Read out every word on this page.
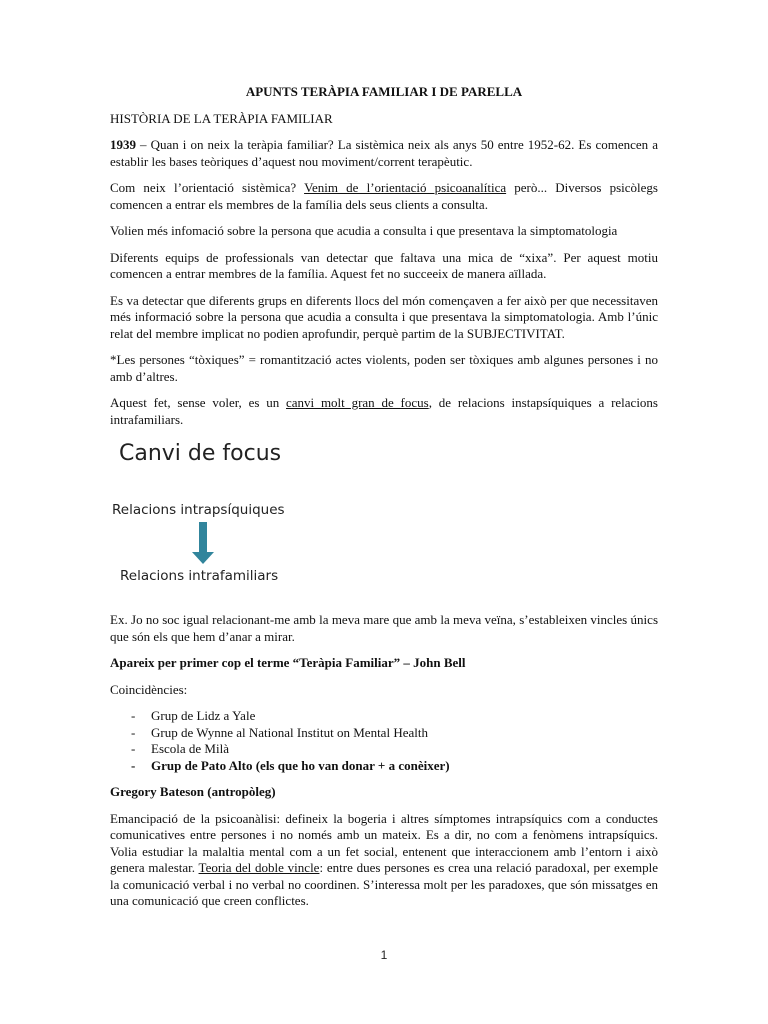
APUNTS TERÀPIA FAMILIAR I DE PARELLA

HISTÒRIA DE LA TERÀPIA FAMILIAR

1939 – Quan i on neix la teràpia familiar? La sistèmica neix als anys 50 entre 1952-62. Es comencen a establir les bases teòriques d’aquest nou moviment/corrent terapèutic.

Com neix l’orientació sistèmica? Venim de l’orientació psicoanalítica però... Diversos psicòlegs comencen a entrar els membres de la família dels seus clients a consulta.

Volien més infomació sobre la persona que acudia a consulta i que presentava la simptomatologia

Diferents equips de professionals van detectar que faltava una mica de “xixa”. Per aquest motiu comencen a entrar membres de la família. Aquest fet no succeeix de manera aïllada.

Es va detectar que diferents grups en diferents llocs del món començaven a fer això per que necessitaven més informació sobre la persona que acudia a consulta i que presentava la simptomatologia. Amb l’únic relat del membre implicat no podien aprofundir, perquè partim de la SUBJECTIVITAT.

*Les persones “tòxiques” = romantització actes violents, poden ser tòxiques amb algunes persones i no amb d’altres.

Aquest fet, sense voler, es un canvi molt gran de focus, de relacions instapsíquiques a relacions intrafamiliars.

Canvi de focus
Relacions intrapsíquiques
Relacions intrafamiliars

Ex. Jo no soc igual relacionant-me amb la meva mare que amb la meva veïna, s’estableixen vincles únics que són els que hem d’anar a mirar.

Apareix per primer cop el terme “Teràpia Familiar” – John Bell

Coincidències:

- Grup de Lidz a Yale
- Grup de Wynne al National Institut on Mental Health
- Escola de Milà
- Grup de Pato Alto (els que ho van donar + a conèixer)

Gregory Bateson (antropòleg)

Emancipació de la psicoanàlisi: defineix la bogeria i altres símptomes intrapsíquics com a conductes comunicatives entre persones i no només amb un mateix. Es a dir, no com a fenòmens intrapsíquics. Volia estudiar la malaltia mental com a un fet social, entenent que interaccionem amb l’entorn i això genera malestar. Teoria del doble vincle: entre dues persones es crea una relació paradoxal, per exemple la comunicació verbal i no verbal no coordinen. S’interessa molt per les paradoxes, que són missatges en una comunicació que creen conflictes.

1
